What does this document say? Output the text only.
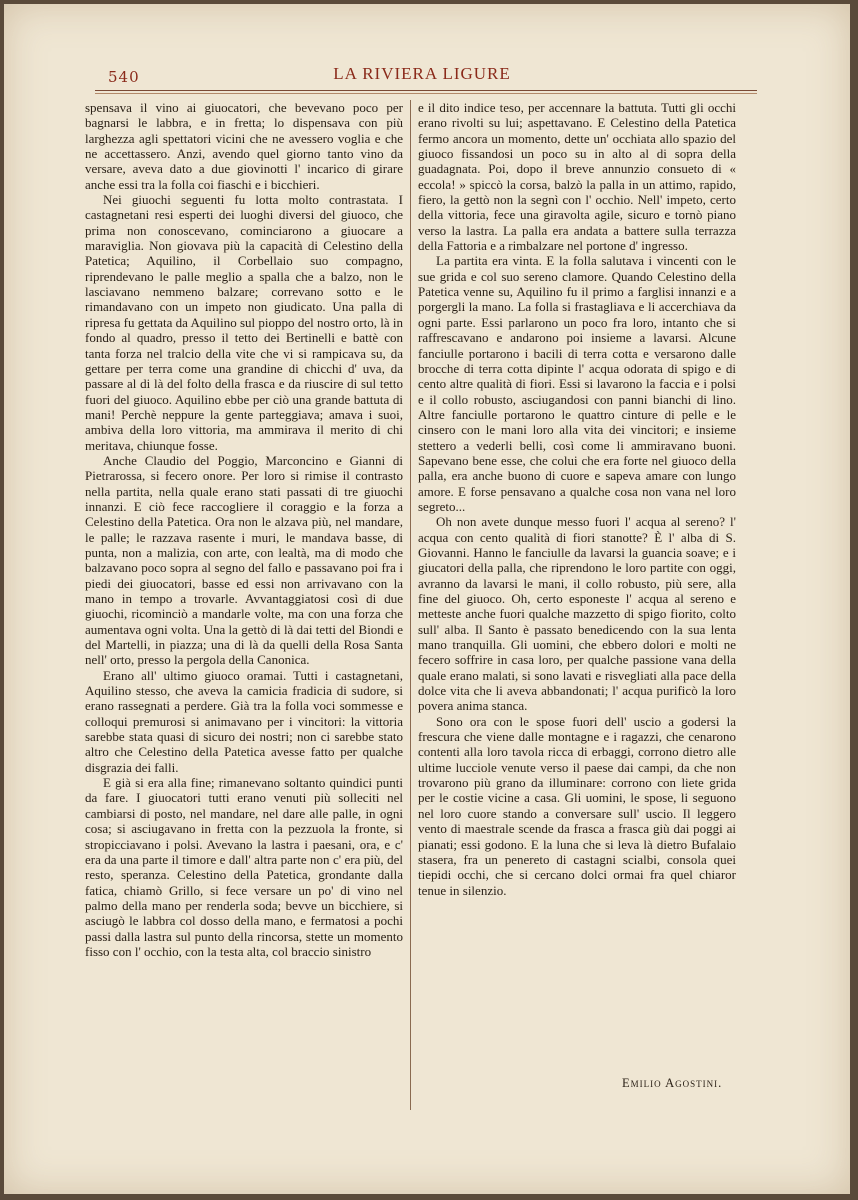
540	LA RIVIERA LIGURE

spensava il vino ai giuocatori, che bevevano poco per bagnarsi le labbra, e in fretta; lo dispensava con più larghezza agli spettatori vicini che ne avessero voglia e che ne accettassero. Anzi, avendo quel giorno tanto vino da versare, aveva dato a due giovinotti l' incarico di girare anche essi tra la folla coi fiaschi e i bicchieri.

Nei giuochi seguenti fu lotta molto contrastata. I castagnetani resi esperti dei luoghi diversi del giuoco, che prima non conoscevano, cominciarono a giuocare a maraviglia. Non giovava più la capacità di Celestino della Patetica; Aquilino, il Corbellaio suo compagno, riprendevano le palle meglio a spalla che a balzo, non le lasciavano nemmeno balzare; correvano sotto e le rimandavano con un impeto non giudicato. Una palla di ripresa fu gettata da Aquilino sul pioppo del nostro orto, là in fondo al quadro, presso il tetto dei Bertinelli e battè con tanta forza nel tralcio della vite che vi si rampicava su, da gettare per terra come una grandine di chicchi d' uva, da passare al di là del folto della frasca e da riuscire di sul tetto fuori del giuoco. Aquilino ebbe per ciò una grande battuta di mani! Perchè neppure la gente parteggiava; amava i suoi, ambiva della loro vittoria, ma ammirava il merito di chi meritava, chiunque fosse.

Anche Claudio del Poggio, Marconcino e Gianni di Pietrarossa, si fecero onore. Per loro si rimise il contrasto nella partita, nella quale erano stati passati di tre giuochi innanzi. E ciò fece raccogliere il coraggio e la forza a Celestino della Patetica. Ora non le alzava più, nel mandare, le palle; le razzava rasente i muri, le mandava basse, di punta, non a malizia, con arte, con lealtà, ma di modo che balzavano poco sopra al segno del fallo e passavano poi fra i piedi dei giuocatori, basse ed essi non arrivavano con la mano in tempo a trovarle. Avvantaggiatosi così di due giuochi, ricominciò a mandarle volte, ma con una forza che aumentava ogni volta. Una la gettò di là dai tetti del Biondi e del Martelli, in piazza; una di là da quelli della Rosa Santa nell' orto, presso la pergola della Canonica.

Erano all' ultimo giuoco oramai. Tutti i castagnetani, Aquilino stesso, che aveva la camicia fradicia di sudore, si erano rassegnati a perdere. Già tra la folla voci sommesse e colloqui premurosi si animavano per i vincitori: la vittoria sarebbe stata quasi di sicuro dei nostri; non ci sarebbe stato altro che Celestino della Patetica avesse fatto per qualche disgrazia dei falli.

E già si era alla fine; rimanevano soltanto quindici punti da fare. I giuocatori tutti erano venuti più solleciti nel cambiarsi di posto, nel mandare, nel dare alle palle, in ogni cosa; si asciugavano in fretta con la pezzuola la fronte, si stropicciavano i polsi. Avevano la lastra i paesani, ora, e c' era da una parte il timore e dall' altra parte non c' era più, del resto, speranza. Celestino della Patetica, grondante dalla fatica, chiamò Grillo, si fece versare un po' di vino nel palmo della mano per renderla soda; bevve un bicchiere, si asciugò le labbra col dosso della mano, e fermatosi a pochi passi dalla lastra sul punto della rincorsa, stette un momento fisso con l' occhio, con la testa alta, col braccio sinistro

e il dito indice teso, per accennare la battuta. Tutti gli occhi erano rivolti su lui; aspettavano. E Celestino della Patetica fermo ancora un momento, dette un' occhiata allo spazio del giuoco fissandosi un poco su in alto al di sopra della guadagnata. Poi, dopo il breve annunzio consueto di « eccola! » spiccò la corsa, balzò la palla in un attimo, rapido, fiero, la gettò non la segnì con l' occhio. Nell' impeto, certo della vittoria, fece una giravolta agile, sicuro e tornò piano verso la lastra. La palla era andata a battere sulla terrazza della Fattoria e a rimbalzare nel portone d' ingresso.

La partita era vinta. E la folla salutava i vincenti con le sue grida e col suo sereno clamore. Quando Celestino della Patetica venne su, Aquilino fu il primo a farglisi innanzi e a porgergli la mano. La folla si frastagliava e li accerchiava da ogni parte. Essi parlarono un poco fra loro, intanto che si raffrescavano e andarono poi insieme a lavarsi. Alcune fanciulle portarono i bacili di terra cotta e versarono dalle brocche di terra cotta dipinte l' acqua odorata di spigo e di cento altre qualità di fiori. Essi si lavarono la faccia e i polsi e il collo robusto, asciugandosi con panni bianchi di lino. Altre fanciulle portarono le quattro cinture di pelle e le cinsero con le mani loro alla vita dei vincitori; e insieme stettero a vederli belli, così come li ammiravano buoni. Sapevano bene esse, che colui che era forte nel giuoco della palla, era anche buono di cuore e sapeva amare con lungo amore. E forse pensavano a qualche cosa non vana nel loro segreto...

Oh non avete dunque messo fuori l' acqua al sereno? l' acqua con cento qualità di fiori stanotte? È l' alba di S. Giovanni. Hanno le fanciulle da lavarsi la guancia soave; e i giucatori della palla, che riprendono le loro partite con oggi, avranno da lavarsi le mani, il collo robusto, più sere, alla fine del giuoco. Oh, certo esponeste l' acqua al sereno e metteste anche fuori qualche mazzetto di spigo fiorito, colto sull' alba. Il Santo è passato benedicendo con la sua lenta mano tranquilla. Gli uomini, che ebbero dolori e molti ne fecero soffrire in casa loro, per qualche passione vana della quale erano malati, si sono lavati e risvegliati alla pace della dolce vita che li aveva abbandonati; l' acqua purificò la loro povera anima stanca.

Sono ora con le spose fuori dell' uscio a godersi la frescura che viene dalle montagne e i ragazzi, che cenarono contenti alla loro tavola ricca di erbaggi, corrono dietro alle ultime lucciole venute verso il paese dai campi, da che non trovarono più grano da illuminare: corrono con liete grida per le costie vicine a casa. Gli uomini, le spose, li seguono nel loro cuore stando a conversare sull' uscio. Il leggero vento di maestrale scende da frasca a frasca giù dai poggi ai pianati; essi godono. E la luna che si leva là dietro Bufalaio stasera, fra un penereto di castagni scialbi, consola quei tiepidi occhi, che si cercano dolci ormai fra quel chiaror tenue in silenzio.

Emilio Agostini.
